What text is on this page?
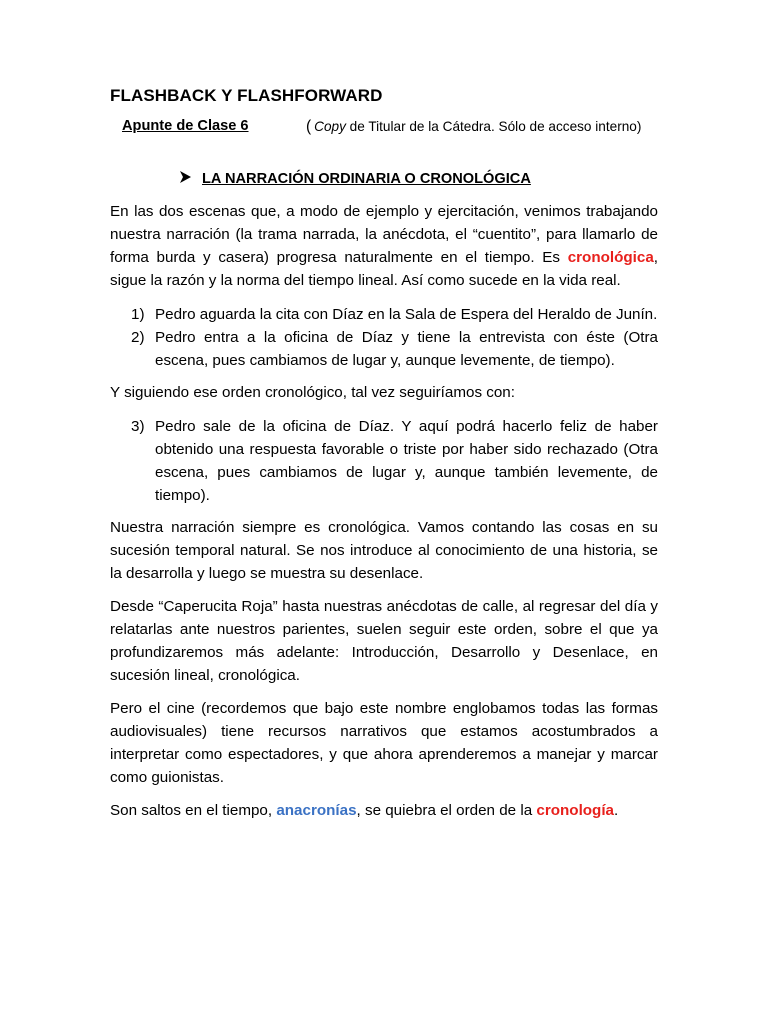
FLASHBACK Y FLASHFORWARD
Apunte de Clase 6	( Copy de Titular de la Cátedra. Sólo de acceso interno)
LA NARRACIÓN ORDINARIA O CRONOLÓGICA

En las dos escenas que, a modo de ejemplo y ejercitación, venimos trabajando nuestra narración (la trama narrada, la anécdota, el “cuentito”, para llamarlo de forma burda y casera) progresa naturalmente en el tiempo. Es cronológica, sigue la razón y la norma del tiempo lineal. Así como sucede en la vida real.

1) Pedro aguarda la cita con Díaz en la Sala de Espera del Heraldo de Junín.
2) Pedro entra a la oficina de Díaz y tiene la entrevista con éste (Otra escena, pues cambiamos de lugar y, aunque levemente, de tiempo).

Y siguiendo ese orden cronológico, tal vez seguiríamos con:

3) Pedro sale de la oficina de Díaz. Y aquí podrá hacerlo feliz de haber obtenido una respuesta favorable o triste por haber sido rechazado (Otra escena, pues cambiamos de lugar y, aunque también levemente, de tiempo).

Nuestra narración siempre es cronológica. Vamos contando las cosas en su sucesión temporal natural. Se nos introduce al conocimiento de una historia, se la desarrolla y luego se muestra su desenlace.

Desde “Caperucita Roja” hasta nuestras anécdotas de calle, al regresar del día y relatarlas ante nuestros parientes, suelen seguir este orden, sobre el que ya profundizaremos más adelante: Introducción, Desarrollo y Desenlace, en sucesión lineal, cronológica.

Pero el cine (recordemos que bajo este nombre englobamos todas las formas audiovisuales) tiene recursos narrativos que estamos acostumbrados a interpretar como espectadores, y que ahora aprenderemos a manejar y marcar como guionistas.

Son saltos en el tiempo, anacronías, se quiebra el orden de la cronología.
